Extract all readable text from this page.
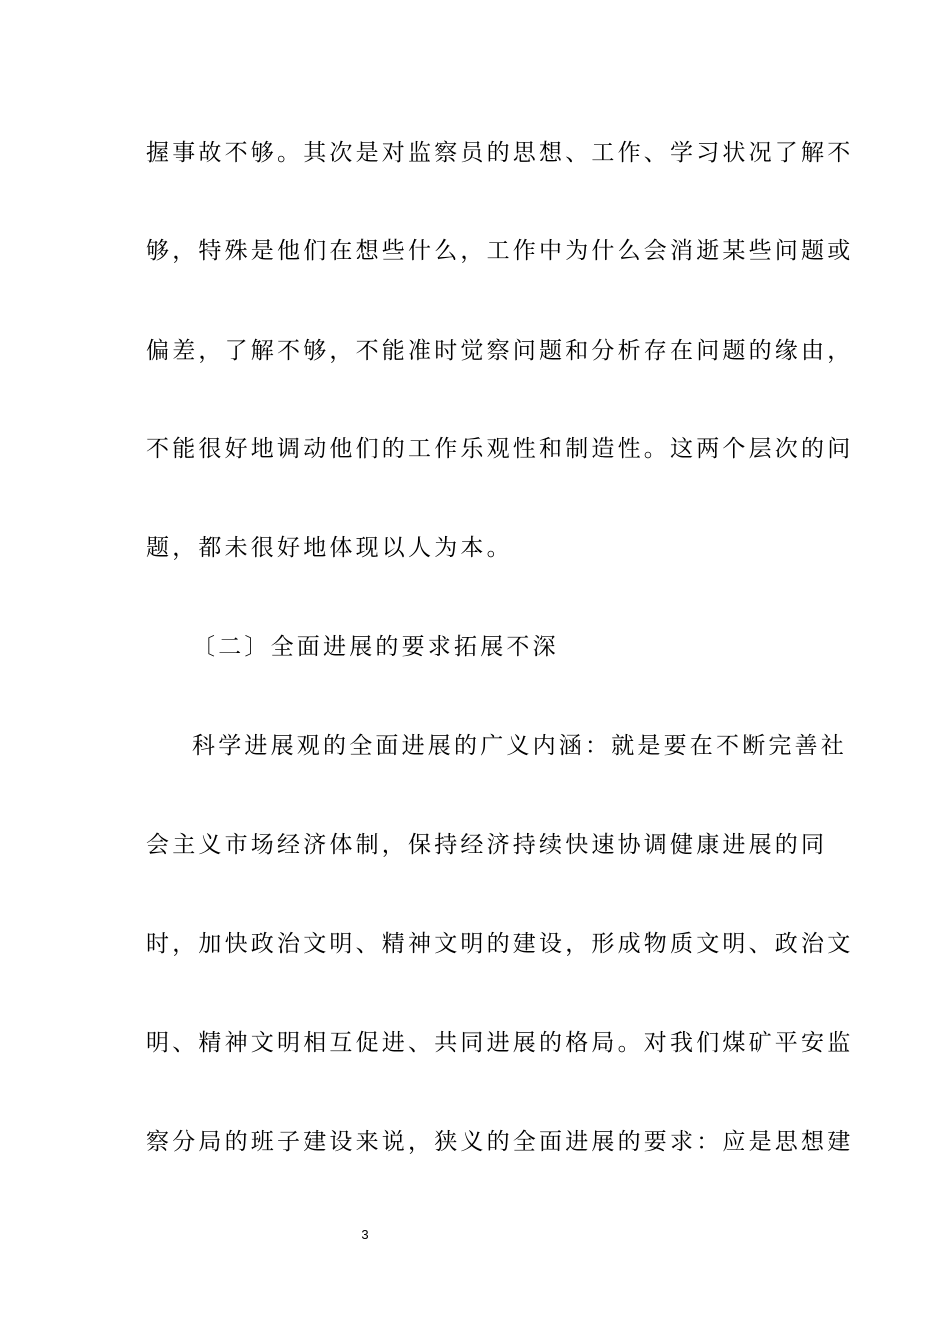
握事故不够。其次是对监察员的思想、工作、学习状况了解不
够，特殊是他们在想些什么，工作中为什么会消逝某些问题或
偏差，了解不够，不能准时觉察问题和分析存在问题的缘由，
不能很好地调动他们的工作乐观性和制造性。这两个层次的问
题，都未很好地体现以人为本。
〔二〕全面进展的要求拓展不深
科学进展观的全面进展的广义内涵：就是要在不断完善社
会主义市场经济体制，保持经济持续快速协调健康进展的同
时，加快政治文明、精神文明的建设，形成物质文明、政治文
明、精神文明相互促进、共同进展的格局。对我们煤矿平安监
察分局的班子建设来说，狭义的全面进展的要求：应是思想建
3
